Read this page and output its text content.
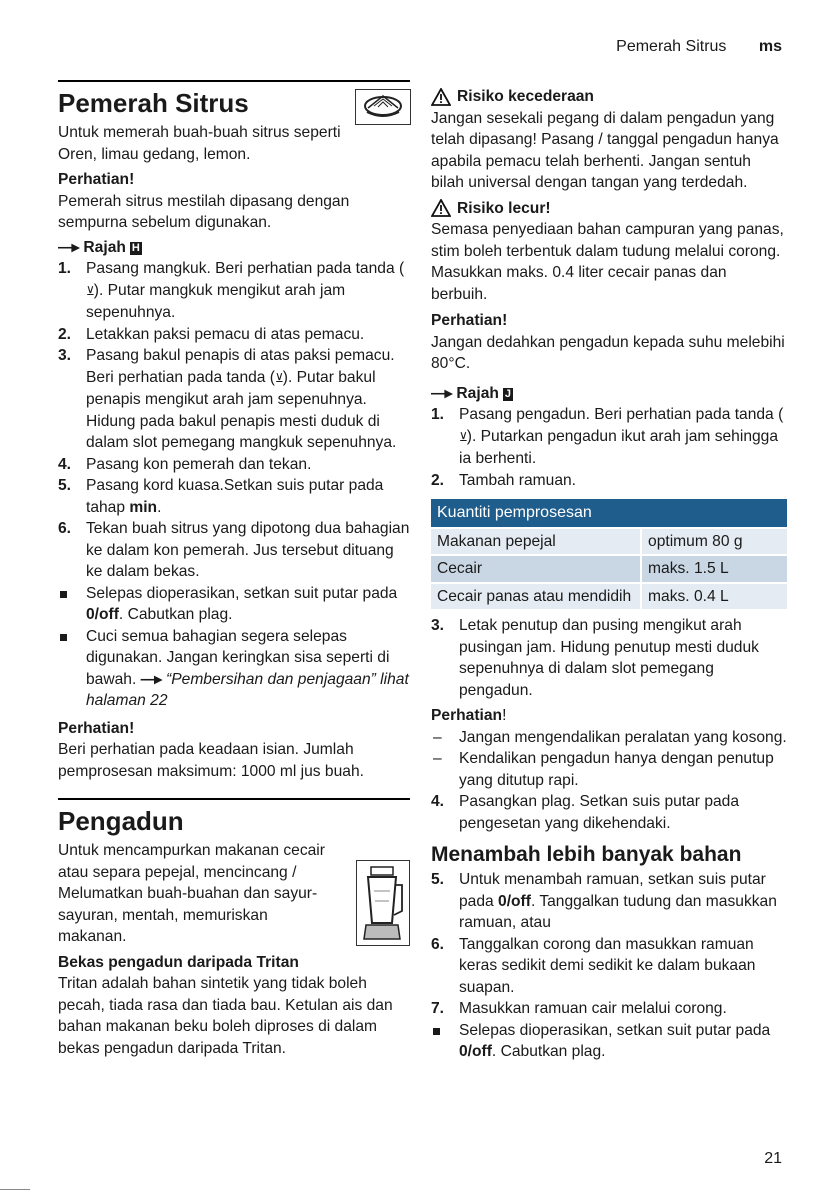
Pemerah Sitrus ms
Pemerah Sitrus

Untuk memerah buah-buah sitrus seperti Oren, limau gedang, lemon.

Perhatian!

Pemerah sitrus mestilah dipasang dengan sempurna sebelum digunakan.

—▸ Rajah H
1. Pasang mangkuk. Beri perhatian pada tanda (⊻). Putar mangkuk mengikut arah jam sepenuhnya.
2. Letakkan paksi pemacu di atas pemacu.
3. Pasang bakul penapis di atas paksi pemacu. Beri perhatian pada tanda (⊻). Putar bakul penapis mengikut arah jam sepenuhnya. Hidung pada bakul penapis mesti duduk di dalam slot pemegang mangkuk sepenuhnya.
4. Pasang kon pemerah dan tekan.
5. Pasang kord kuasa.Setkan suis putar pada tahap min.
6. Tekan buah sitrus yang dipotong dua bahagian ke dalam kon pemerah. Jus tersebut dituang ke dalam bekas.
Selepas dioperasikan, setkan suit putar pada 0/off. Cabutkan plag.
Cuci semua bahagian segera selepas digunakan. Jangan keringkan sisa seperti di bawah. —▸ “Pembersihan dan penjagaan” lihat halaman 22
Perhatian!

Beri perhatian pada keadaan isian. Jumlah pemprosesan maksimum: 1000 ml jus buah.

Pengadun

Untuk mencampurkan makanan cecair atau separa pepejal, mencincang / Melumatkan buah-buahan dan sayur-sayuran, mentah, memuriskan makanan.

Bekas pengadun daripada Tritan

Tritan adalah bahan sintetik yang tidak boleh pecah, tiada rasa dan tiada bau. Ketulan ais dan bahan makanan beku boleh diproses di dalam bekas pengadun daripada Tritan.

Risiko kecederaan

Jangan sesekali pegang di dalam pengadun yang telah dipasang! Pasang / tanggal pengadun hanya apabila pemacu telah berhenti. Jangan sentuh bilah universal dengan tangan yang terdedah.

Risiko lecur!

Semasa penyediaan bahan campuran yang panas, stim boleh terbentuk dalam tudung melalui corong. Masukkan maks. 0.4 liter cecair panas dan berbuih.

Perhatian!

Jangan dedahkan pengadun kepada suhu melebihi 80°C.

—▸ Rajah J
1. Pasang pengadun. Beri perhatian pada tanda (⊻). Putarkan pengadun ikut arah jam sehingga ia berhenti.
2. Tambah ramuan.
Kuantiti pemprosesan	
Makanan pepejal	optimum 80 g
Cecair	maks. 1.5 L
Cecair panas atau mendidih	maks. 0.4 L
3. Letak penutup dan pusing mengikut arah pusingan jam. Hidung penutup mesti duduk sepenuhnya di dalam slot pemegang pengadun.
Perhatian!
– Jangan mengendalikan peralatan yang kosong.
– Kendalikan pengadun hanya dengan penutup yang ditutup rapi.
4. Pasangkan plag. Setkan suis putar pada pengesetan yang dikehendaki.
Menambah lebih banyak bahan
5. Untuk menambah ramuan, setkan suis putar pada 0/off. Tanggalkan tudung dan masukkan ramuan, atau
6. Tanggalkan corong dan masukkan ramuan keras sedikit demi sedikit ke dalam bukaan suapan.
7. Masukkan ramuan cair melalui corong.
Selepas dioperasikan, setkan suit putar pada 0/off. Cabutkan plag.
21
